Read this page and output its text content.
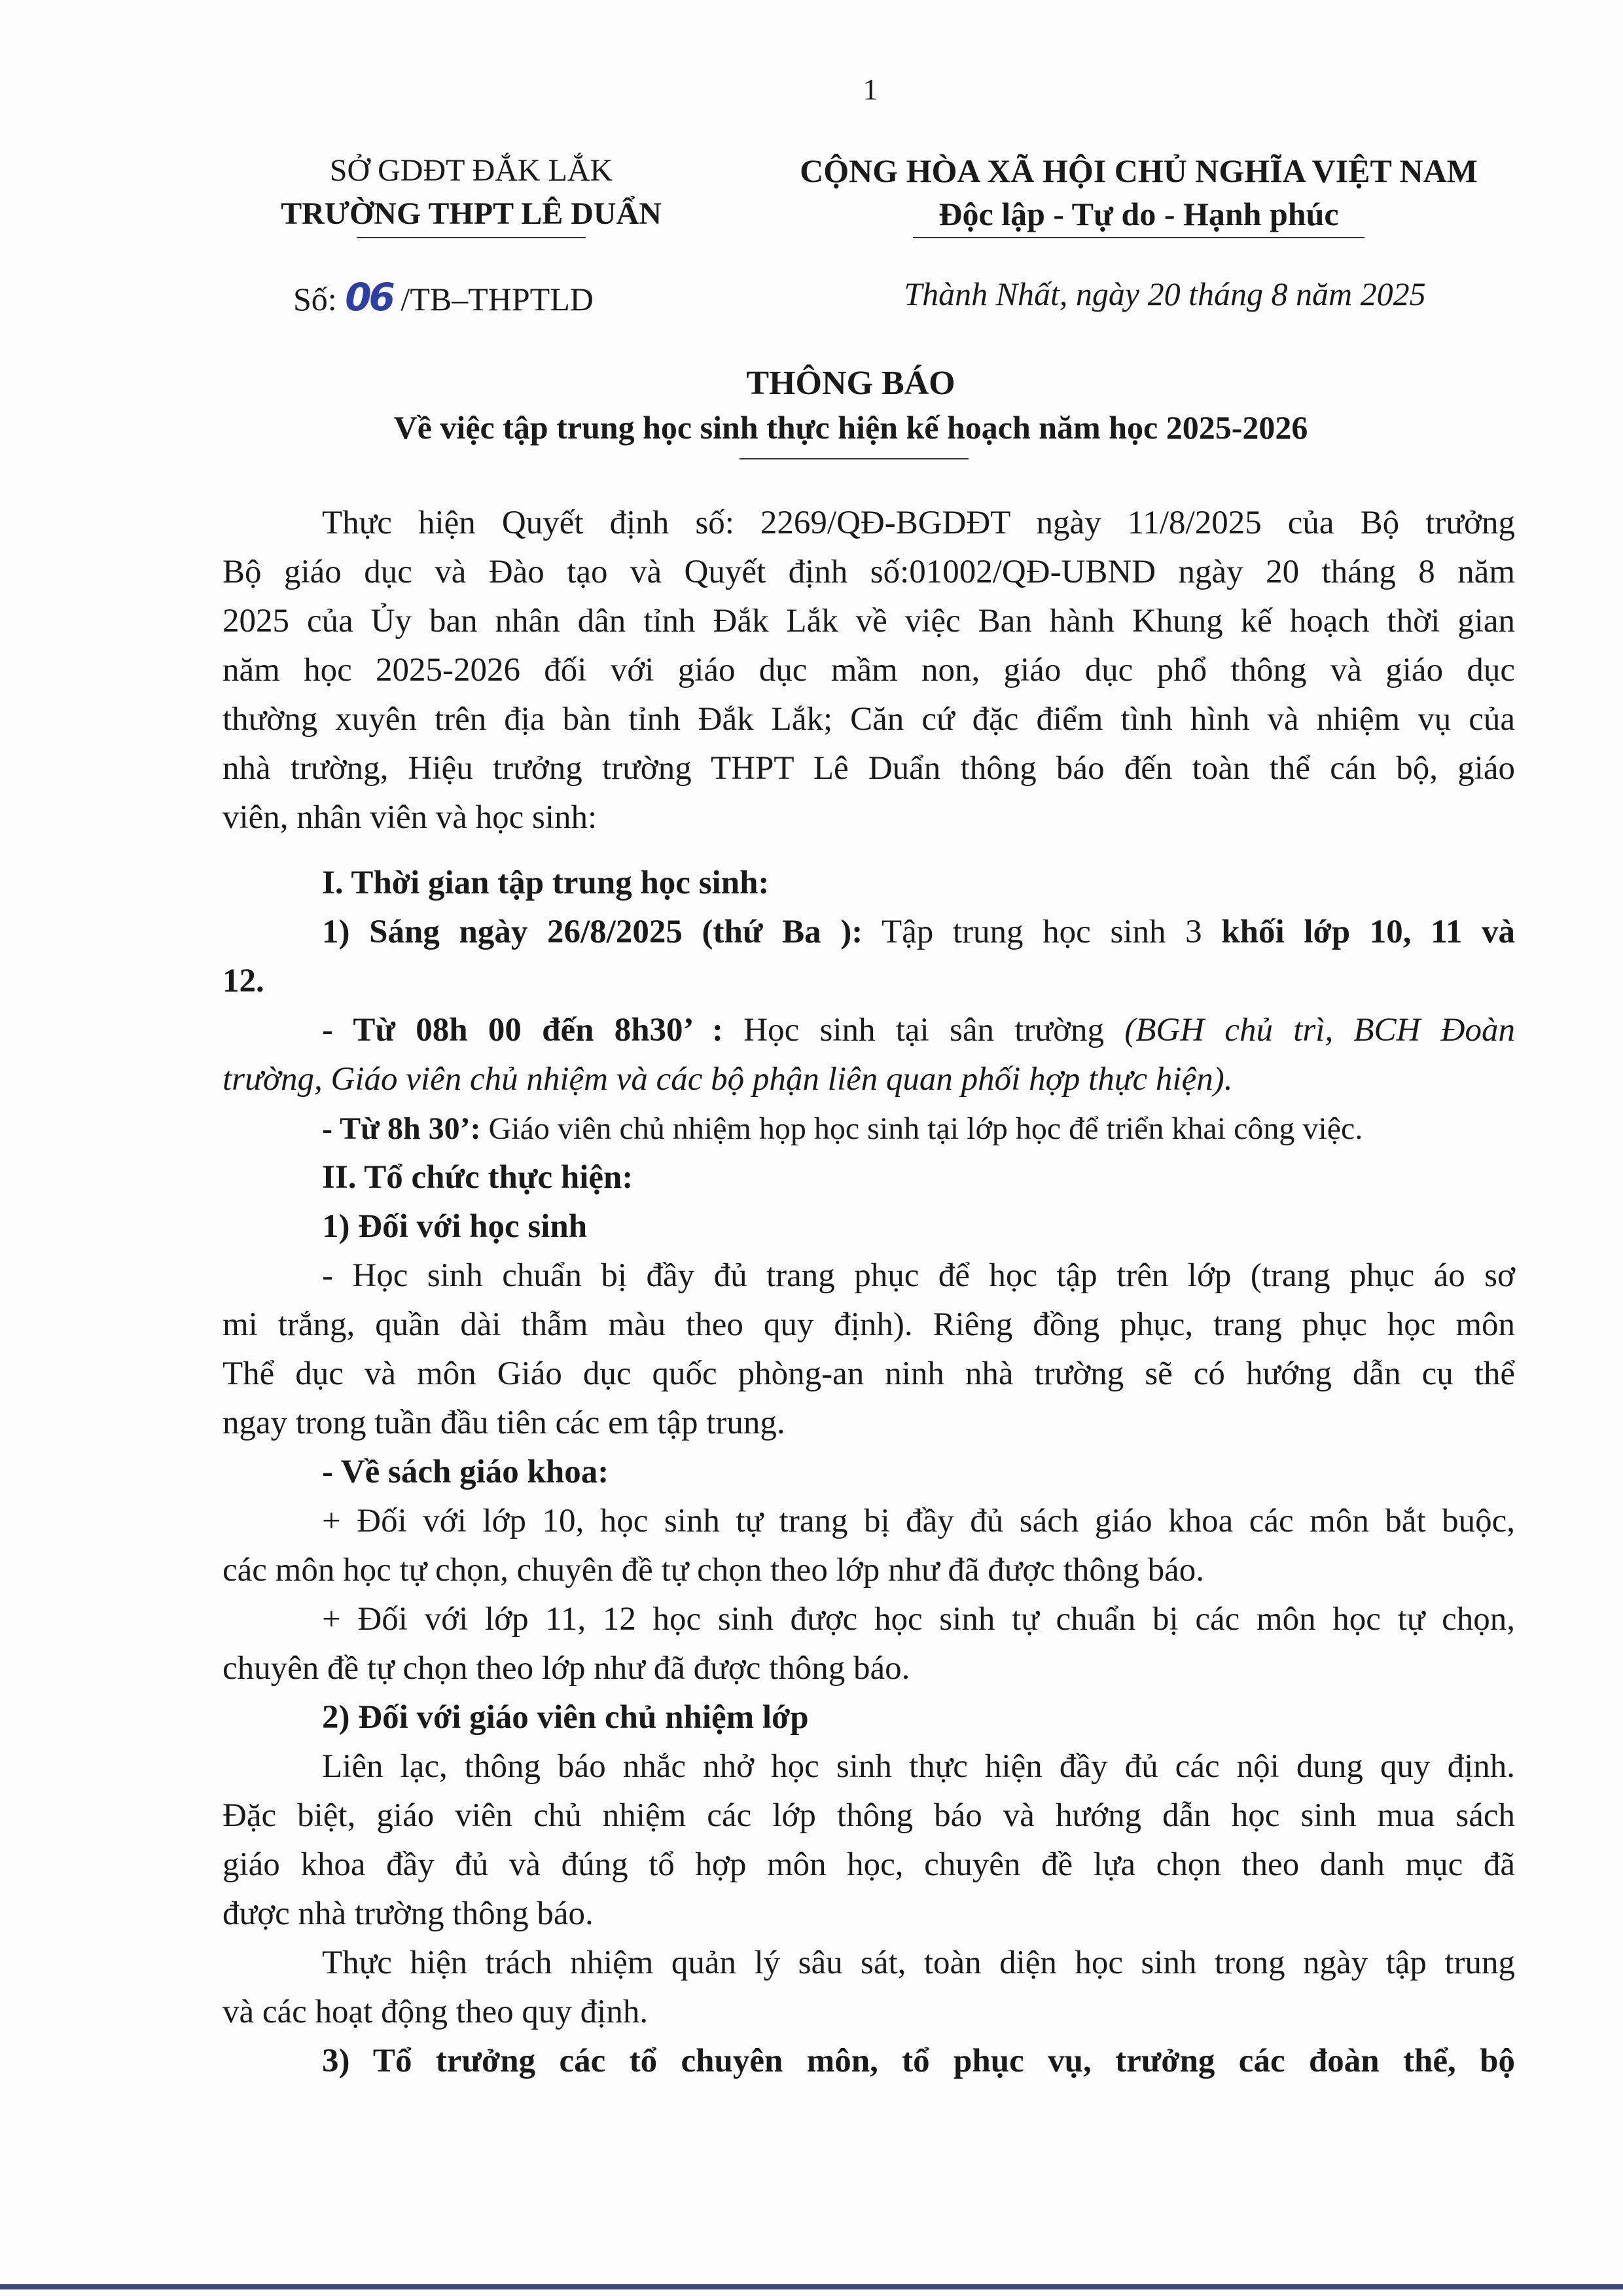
1
SỞ GDĐT ĐẮK LẮK
TRƯỜNG THPT LÊ DUẨN
CỘNG HÒA XÃ HỘI CHỦ NGHĨA VIỆT NAM
Độc lập - Tự do - Hạnh phúc
Số: 06 /TB–THPTLD	Thành Nhất, ngày 20 tháng 8 năm 2025
THÔNG BÁO
Về việc tập trung học sinh thực hiện kế hoạch năm học 2025-2026
Thực hiện Quyết định số: 2269/QĐ-BGDĐT ngày 11/8/2025 của Bộ trưởng
Bộ giáo dục và Đào tạo và Quyết định số:01002/QĐ-UBND ngày 20 tháng 8 năm
2025 của Ủy ban nhân dân tỉnh Đắk Lắk về việc Ban hành Khung kế hoạch thời gian
năm học 2025-2026 đối với giáo dục mầm non, giáo dục phổ thông và giáo dục
thường xuyên trên địa bàn tỉnh Đắk Lắk; Căn cứ đặc điểm tình hình và nhiệm vụ của
nhà trường, Hiệu trưởng trường THPT Lê Duẩn thông báo đến toàn thể cán bộ, giáo
viên, nhân viên và học sinh:
I. Thời gian tập trung học sinh:
1) Sáng ngày 26/8/2025 (thứ Ba ): Tập trung học sinh 3 khối lớp 10, 11 và
12.
- Từ 08h 00 đến 8h30’ : Học sinh tại sân trường (BGH chủ trì, BCH Đoàn
trường, Giáo viên chủ nhiệm và các bộ phận liên quan phối hợp thực hiện).
- Từ 8h 30’: Giáo viên chủ nhiệm họp học sinh tại lớp học để triển khai công việc.
II. Tổ chức thực hiện:
1) Đối với học sinh
- Học sinh chuẩn bị đầy đủ trang phục để học tập trên lớp (trang phục áo sơ
mi trắng, quần dài thẫm màu theo quy định). Riêng đồng phục, trang phục học môn
Thể dục và môn Giáo dục quốc phòng-an ninh nhà trường sẽ có hướng dẫn cụ thể
ngay trong tuần đầu tiên các em tập trung.
- Về sách giáo khoa:
+ Đối với lớp 10, học sinh tự trang bị đầy đủ sách giáo khoa các môn bắt buộc,
các môn học tự chọn, chuyên đề tự chọn theo lớp như đã được thông báo.
+ Đối với lớp 11, 12 học sinh được học sinh tự chuẩn bị các môn học tự chọn,
chuyên đề tự chọn theo lớp như đã được thông báo.
2) Đối với giáo viên chủ nhiệm lớp
Liên lạc, thông báo nhắc nhở học sinh thực hiện đầy đủ các nội dung quy định.
Đặc biệt, giáo viên chủ nhiệm các lớp thông báo và hướng dẫn học sinh mua sách
giáo khoa đầy đủ và đúng tổ hợp môn học, chuyên đề lựa chọn theo danh mục đã
được nhà trường thông báo.
Thực hiện trách nhiệm quản lý sâu sát, toàn diện học sinh trong ngày tập trung
và các hoạt động theo quy định.
3) Tổ trưởng các tổ chuyên môn, tổ phục vụ, trưởng các đoàn thể, bộ
